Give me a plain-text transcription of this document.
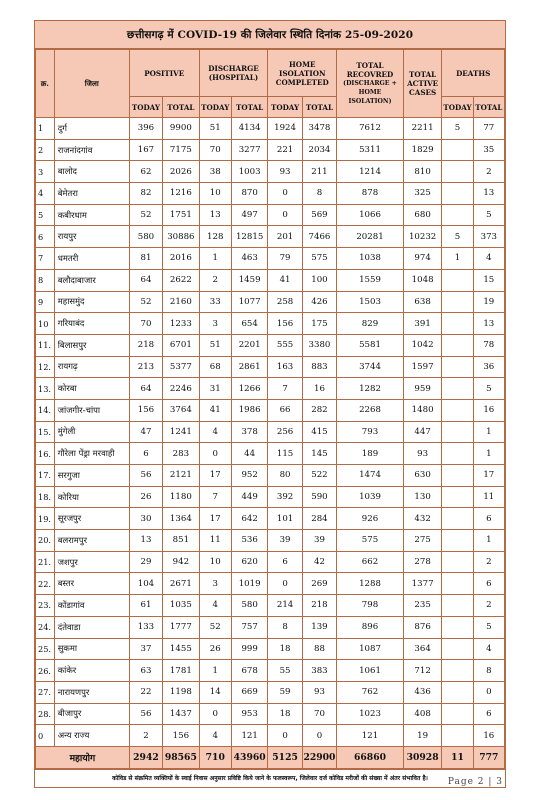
छत्तीसगढ़ में COVID-19 की जिलेवार स्थिति दिनांक 25-09-2020
क्र.	जिला	POSITIVE		DISCHARGE (HOSPITAL)		HOME ISOLATION COMPLETED		TOTAL RECOVRED
(DISCHARGE + HOME ISOLATION)	TOTAL ACTIVE CASES	DEATHS	
		TODAY	TOTAL	TODAY	TOTAL	TODAY	TOTAL			TODAY	TOTAL
1	दुर्ग	396	9900	51	4134	1924	3478	7612	2211	5	77
2	राजनांदगांव	167	7175	70	3277	221	2034	5311	1829		35
3	बालोद	62	2026	38	1003	93	211	1214	810		2
4	बेमेतरा	82	1216	10	870	0	8	878	325		13
5	कबीरधाम	52	1751	13	497	0	569	1066	680		5
6	रायपुर	580	30886	128	12815	201	7466	20281	10232	5	373
7	धमतरी	81	2016	1	463	79	575	1038	974	1	4
8	बलौदाबाजार	64	2622	2	1459	41	100	1559	1048		15
9	महासमुंद	52	2160	33	1077	258	426	1503	638		19
10	गरियाबंद	70	1233	3	654	156	175	829	391		13
11.	बिलासपुर	218	6701	51	2201	555	3380	5581	1042		78
12.	रायगढ़	213	5377	68	2861	163	883	3744	1597		36
13.	कोरबा	64	2246	31	1266	7	16	1282	959		5
14.	जांजगीर-चांपा	156	3764	41	1986	66	282	2268	1480		16
15.	मुंगेली	47	1241	4	378	256	415	793	447		1
16.	गौरेला पेंड्रा मरवाही	6	283	0	44	115	145	189	93		1
17.	सरगुजा	56	2121	17	952	80	522	1474	630		17
18.	कोरिया	26	1180	7	449	392	590	1039	130		11
19.	सूरजपुर	30	1364	17	642	101	284	926	432		6
20.	बलरामपुर	13	851	11	536	39	39	575	275		1
21.	जशपुर	29	942	10	620	6	42	662	278		2
22.	बस्तर	104	2671	3	1019	0	269	1288	1377		6
23.	कोंडागांव	61	1035	4	580	214	218	798	235		2
24.	दंतेवाडा	133	1777	52	757	8	139	896	876		5
25.	सुकमा	37	1455	26	999	18	88	1087	364		4
26.	कांकेर	63	1781	1	678	55	383	1061	712		8
27.	नारायणपुर	22	1198	14	669	59	93	762	436		0
28.	बीजापुर	56	1437	0	953	18	70	1023	408		6
0	अन्य राज्य	2	156	4	121	0	0	121	19		16
महायोग		2942	98565	710	43960	5125	22900	66860	30928	11	777
कोविड से संक्रमित व्यक्तियों के स्वाई निवास अनुसार प्रविष्टि किये जाने के फलस्वरूप, जिलेवार दर्ज कोविड मरीजों की संख्या में अंतर संभावित है।	Page 2 | 3
